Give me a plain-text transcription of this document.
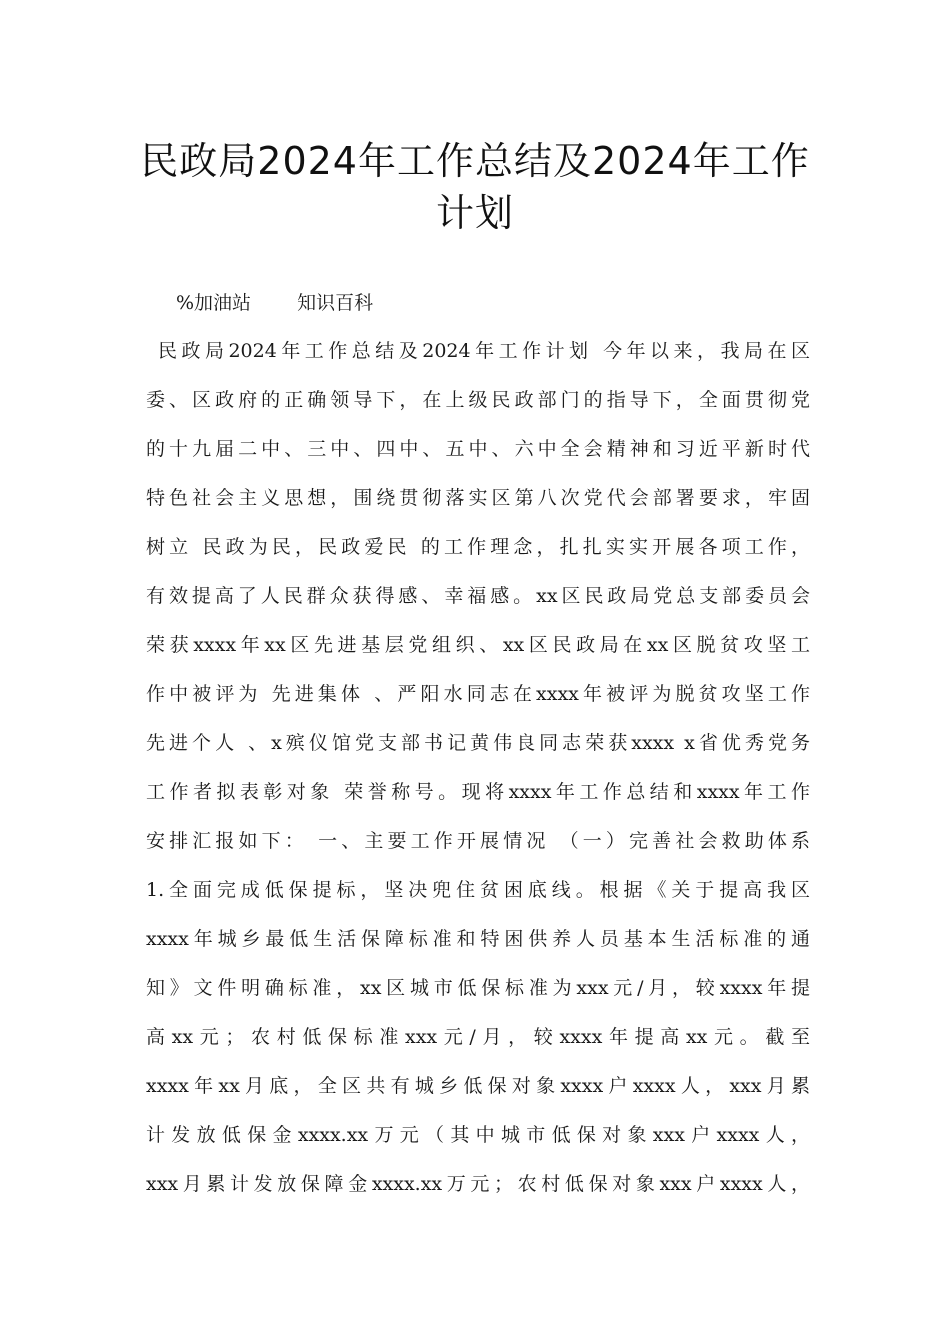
民政局2024年工作总结及2024年工作
计划
%加油站 知识百科
民政局2024年工作总结及2024年工作计划 今年以来，我局在区
委、区政府的正确领导下，在上级民政部门的指导下，全面贯彻党
的十九届二中、三中、四中、五中、六中全会精神和习近平新时代
特色社会主义思想，围绕贯彻落实区第八次党代会部署要求，牢固
树立 民政为民，民政爱民 的工作理念，扎扎实实开展各项工作，
有效提高了人民群众获得感、幸福感。xx区民政局党总支部委员会
荣获xxxx年xx区先进基层党组织、xx区民政局在xx区脱贫攻坚工
作中被评为 先进集体 、严阳水同志在xxxx年被评为脱贫攻坚工作
先进个人 、x殡仪馆党支部书记黄伟良同志荣获xxxx x省优秀党务
工作者拟表彰对象 荣誉称号。现将xxxx年工作总结和xxxx年工作
安排汇报如下： 一、主要工作开展情况 （一）完善社会救助体系
1.全面完成低保提标，坚决兜住贫困底线。根据《关于提高我区
xxxx年城乡最低生活保障标准和特困供养人员基本生活标准的通
知》文件明确标准，xx区城市低保标准为xxx元/月，较xxxx年提
高xx元；农村低保标准xxx元/月，较xxxx年提高xx元。截至
xxxx年xx月底，全区共有城乡低保对象xxxx户xxxx人，xxx月累
计发放低保金xxxx.xx万元（其中城市低保对象xxx户xxxx人，
xxx月累计发放保障金xxxx.xx万元；农村低保对象xxx户xxxx人，
